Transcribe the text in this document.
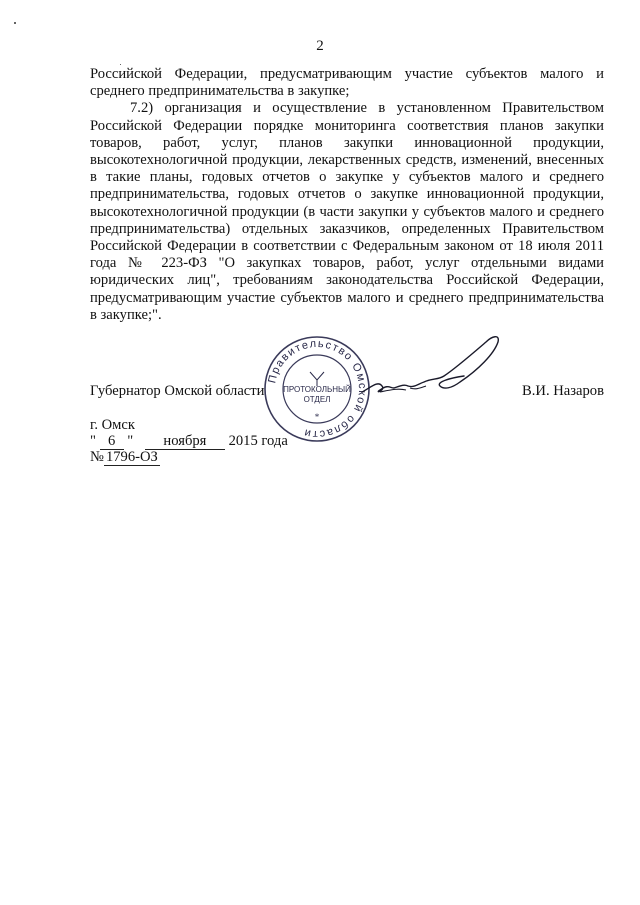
2

Российской Федерации, предусматривающим участие субъектов малого и среднего предпринимательства в закупке;

7.2) организация и осуществление в установленном Правительством Российской Федерации порядке мониторинга соответствия планов закупки товаров, работ, услуг, планов закупки инновационной продукции, высокотехнологичной продукции, лекарственных средств, изменений, внесенных в такие планы, годовых отчетов о закупке у субъектов малого и среднего предпринимательства, годовых отчетов о закупке инновационной продукции, высокотехнологичной продукции (в части закупки у субъектов малого и среднего предпринимательства) отдельных заказчиков, определенных Правительством Российской Федерации в соответствии с Федеральным законом от 18 июля 2011 года № 223-ФЗ "О закупках товаров, работ, услуг отдельными видами юридических лиц", требованиям законодательства Российской Федерации, предусматривающим участие субъектов малого и среднего предпринимательства в закупке;".

Губернатор Омской области	В.И. Назаров
Правительство Омской области
ПРОТОКОЛЬНЫЙ
ОТДЕЛ
*
г. Омск
" 6 " ноября 2015 года
№ 1796-ОЗ
